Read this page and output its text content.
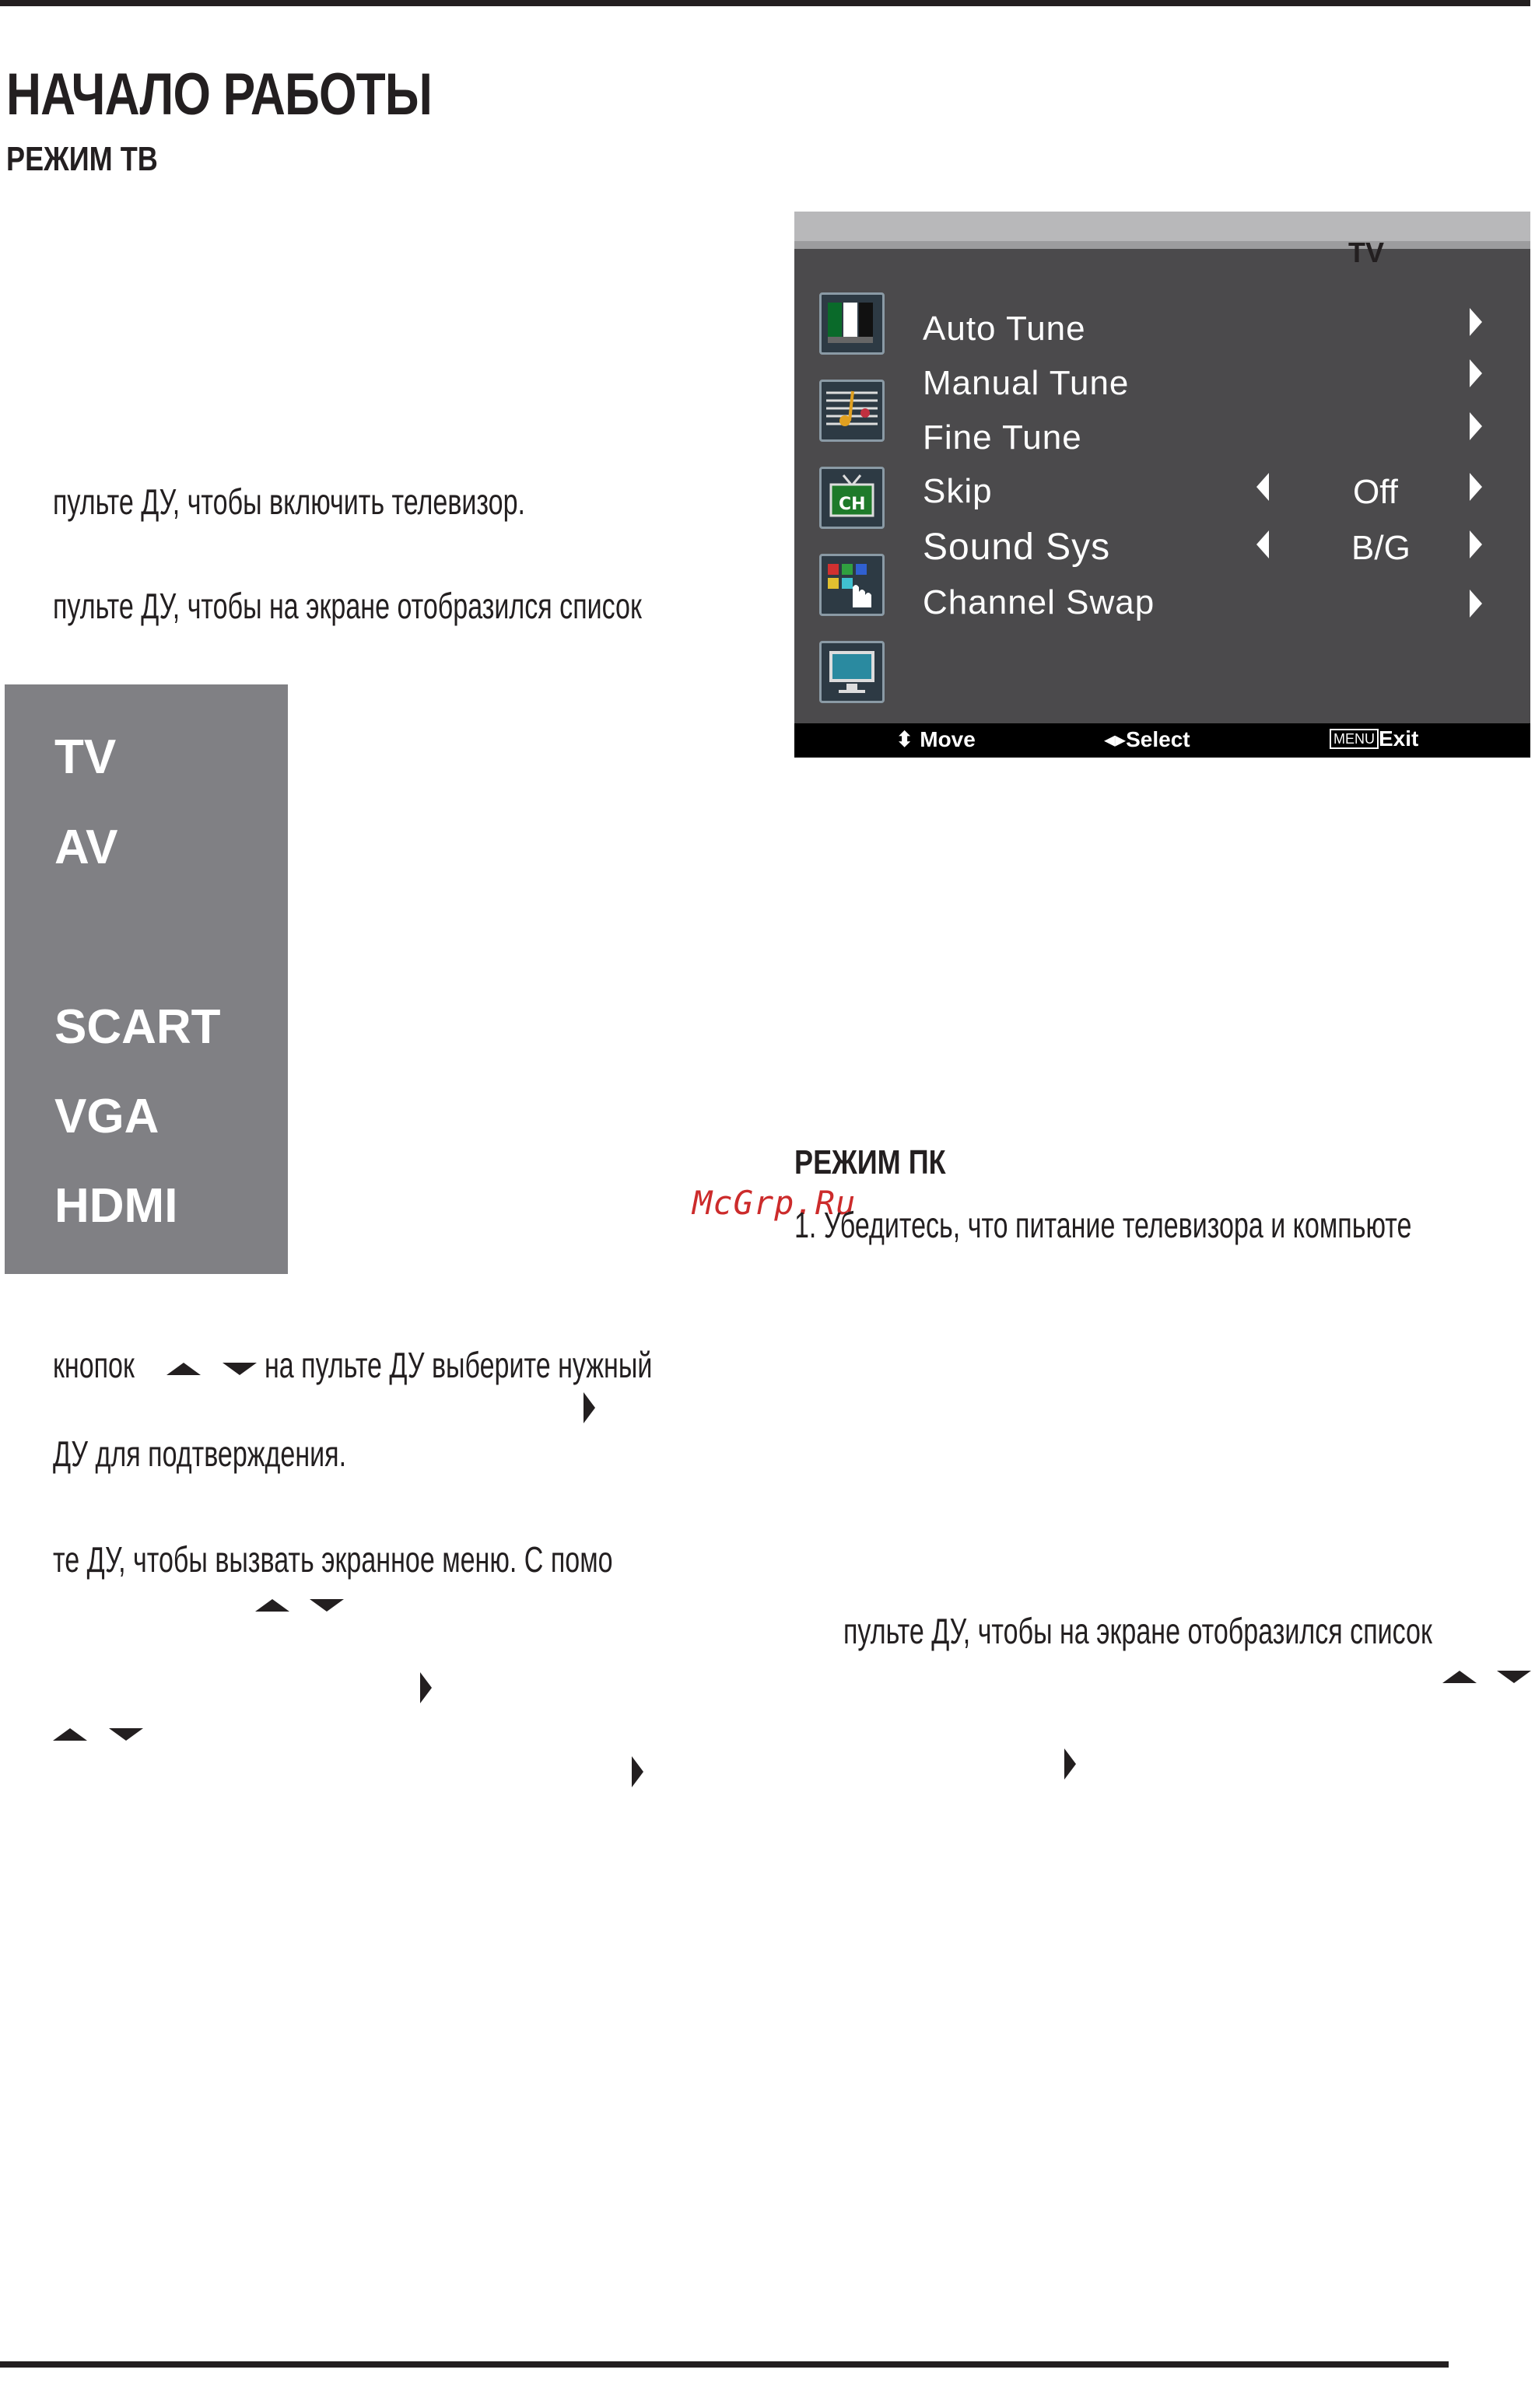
НАЧАЛО РАБОТЫ
РЕЖИМ ТВ
пульте ДУ, чтобы включить телевизор.
пульте ДУ, чтобы на экране отобразился список
TV
AV
SCART
VGA
HDMI
кнопок	на пульте ДУ выберите нужный
ДУ для подтверждения.
те ДУ, чтобы вызвать экранное меню. С помо
TV
CH
Auto Tune
Manual Tune
Fine Tune
Skip	Off
Sound Sys	B/G
Channel Swap
⬍ Move	◂▸Select	MENU Exit
РЕЖИМ ПК
McGrp.Ru
1. Убедитесь, что питание телевизора и компьюте
пульте ДУ, чтобы на экране отобразился список
